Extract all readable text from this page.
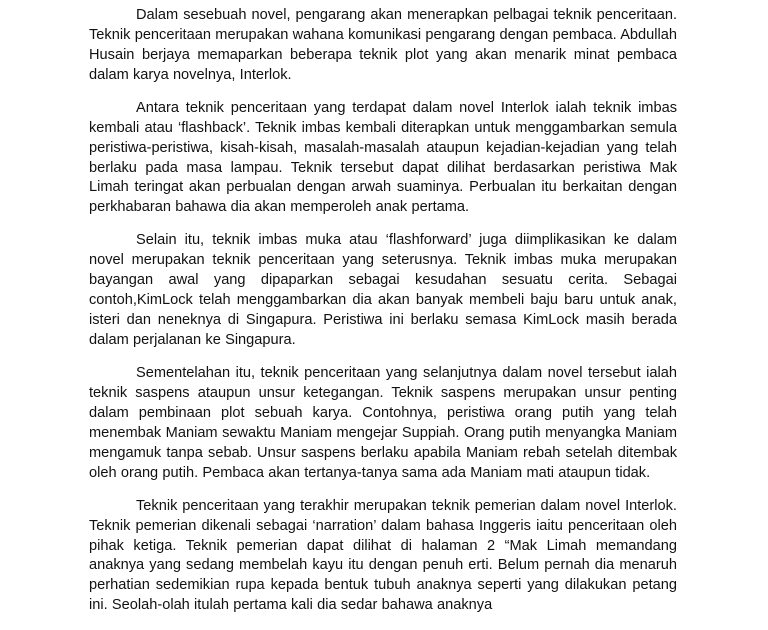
Dalam sesebuah novel, pengarang akan menerapkan pelbagai teknik penceritaan. Teknik penceritaan merupakan wahana komunikasi pengarang dengan pembaca. Abdullah Husain berjaya memaparkan beberapa teknik plot yang akan menarik minat pembaca dalam karya novelnya, Interlok.

Antara teknik penceritaan yang terdapat dalam novel Interlok ialah teknik imbas kembali atau ‘flashback’. Teknik imbas kembali diterapkan untuk menggambarkan semula peristiwa-peristiwa, kisah-kisah, masalah-masalah ataupun kejadian-kejadian yang telah berlaku pada masa lampau. Teknik tersebut dapat dilihat berdasarkan peristiwa Mak Limah teringat akan perbualan dengan arwah suaminya. Perbualan itu berkaitan dengan perkhabaran bahawa dia akan memperoleh anak pertama.

Selain itu, teknik imbas muka atau ‘flashforward’ juga diimplikasikan ke dalam novel merupakan teknik penceritaan yang seterusnya. Teknik imbas muka merupakan bayangan awal yang dipaparkan sebagai kesudahan sesuatu cerita. Sebagai contoh,KimLock telah menggambarkan dia akan banyak membeli baju baru untuk anak, isteri dan neneknya di Singapura. Peristiwa ini berlaku semasa KimLock masih berada dalam perjalanan ke Singapura.

Sementelahan itu, teknik penceritaan yang selanjutnya dalam novel tersebut ialah teknik saspens ataupun unsur ketegangan. Teknik saspens merupakan unsur penting dalam pembinaan plot sebuah karya. Contohnya, peristiwa orang putih yang telah menembak Maniam sewaktu Maniam mengejar Suppiah. Orang putih menyangka Maniam mengamuk tanpa sebab. Unsur saspens berlaku apabila Maniam rebah setelah ditembak oleh orang putih. Pembaca akan tertanya-tanya sama ada Maniam mati ataupun tidak.

Teknik penceritaan yang terakhir merupakan teknik pemerian dalam novel Interlok. Teknik pemerian dikenali sebagai ‘narration’ dalam bahasa Inggeris iaitu penceritaan oleh pihak ketiga. Teknik pemerian dapat dilihat di halaman 2 “Mak Limah memandang anaknya yang sedang membelah kayu itu dengan penuh erti. Belum pernah dia menaruh perhatian sedemikian rupa kepada bentuk tubuh anaknya seperti yang dilakukan petang ini. Seolah-olah itulah pertama kali dia sedar bahawa anaknya
